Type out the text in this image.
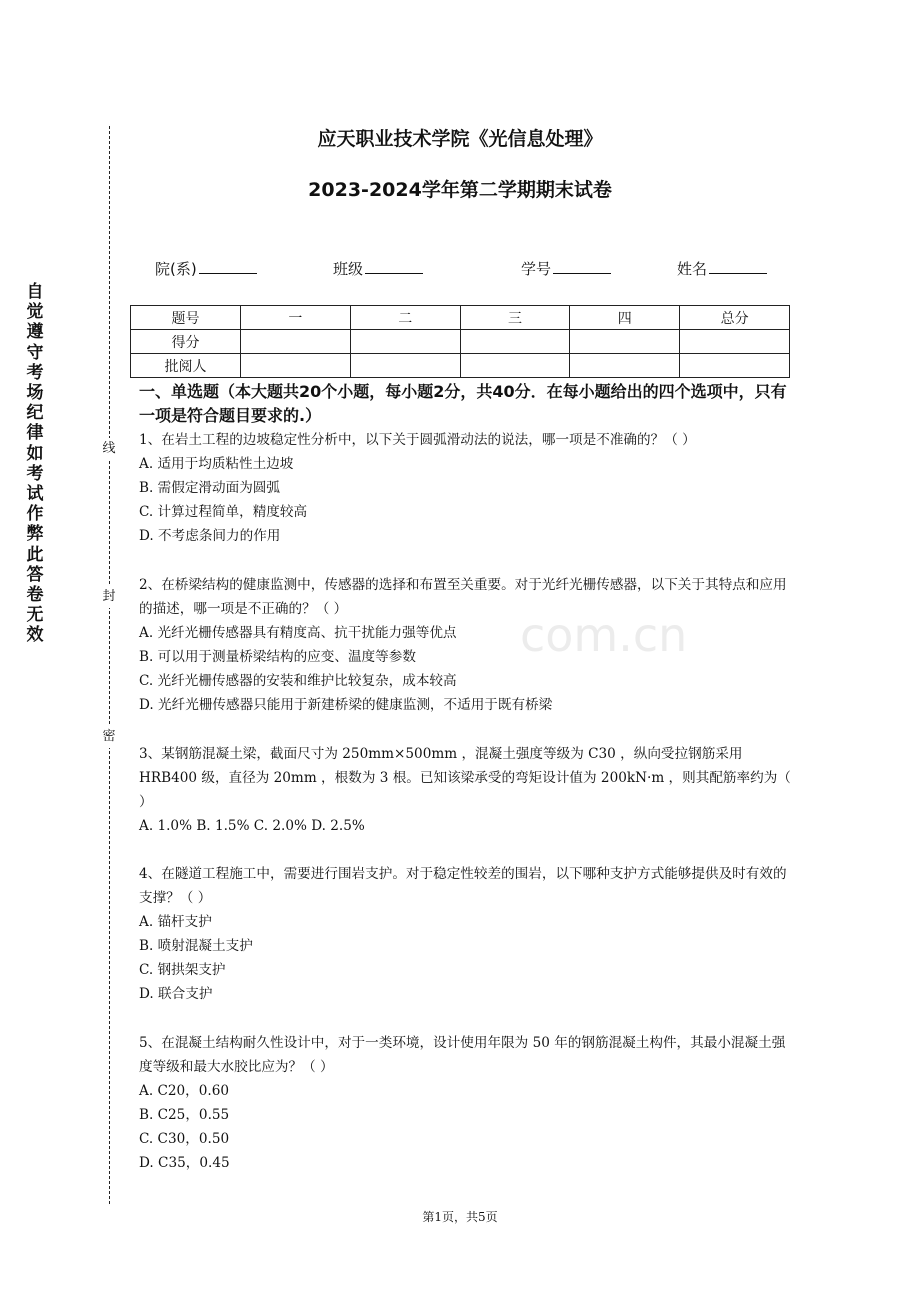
com.cn
自觉遵守考场纪律如考试作弊此答卷无效
线
封
密
应天职业技术学院《光信息处理》
2023-2024学年第二学期期末试卷
院(系)	班级	学号	姓名
题号	一	二	三	四	总分
得分					
批阅人					
一、单选题（本大题共20个小题，每小题2分，共40分．在每小题给出的四个选项中，只有一项是符合题目要求的.）

1、在岩土工程的边坡稳定性分析中，以下关于圆弧滑动法的说法，哪一项是不准确的？（ ）

A. 适用于均质粘性土边坡

B. 需假定滑动面为圆弧

C. 计算过程简单，精度较高

D. 不考虑条间力的作用

2、在桥梁结构的健康监测中，传感器的选择和布置至关重要。对于光纤光栅传感器，以下关于其特点和应用的描述，哪一项是不正确的？（ ）

A. 光纤光栅传感器具有精度高、抗干扰能力强等优点

B. 可以用于测量桥梁结构的应变、温度等参数

C. 光纤光栅传感器的安装和维护比较复杂，成本较高

D. 光纤光栅传感器只能用于新建桥梁的健康监测，不适用于既有桥梁

3、某钢筋混凝土梁，截面尺寸为 250mm×500mm ，混凝土强度等级为 C30 ，纵向受拉钢筋采用 HRB400 级，直径为 20mm ，根数为 3 根。已知该梁承受的弯矩设计值为 200kN·m ，则其配筋率约为（ ）

A. 1.0% B. 1.5% C. 2.0% D. 2.5%

4、在隧道工程施工中，需要进行围岩支护。对于稳定性较差的围岩，以下哪种支护方式能够提供及时有效的支撑？（ ）

A. 锚杆支护

B. 喷射混凝土支护

C. 钢拱架支护

D. 联合支护

5、在混凝土结构耐久性设计中，对于一类环境，设计使用年限为 50 年的钢筋混凝土构件，其最小混凝土强度等级和最大水胶比应为？（ ）

A. C20，0.60

B. C25，0.55

C. C30，0.50

D. C35，0.45

第1页，共5页
